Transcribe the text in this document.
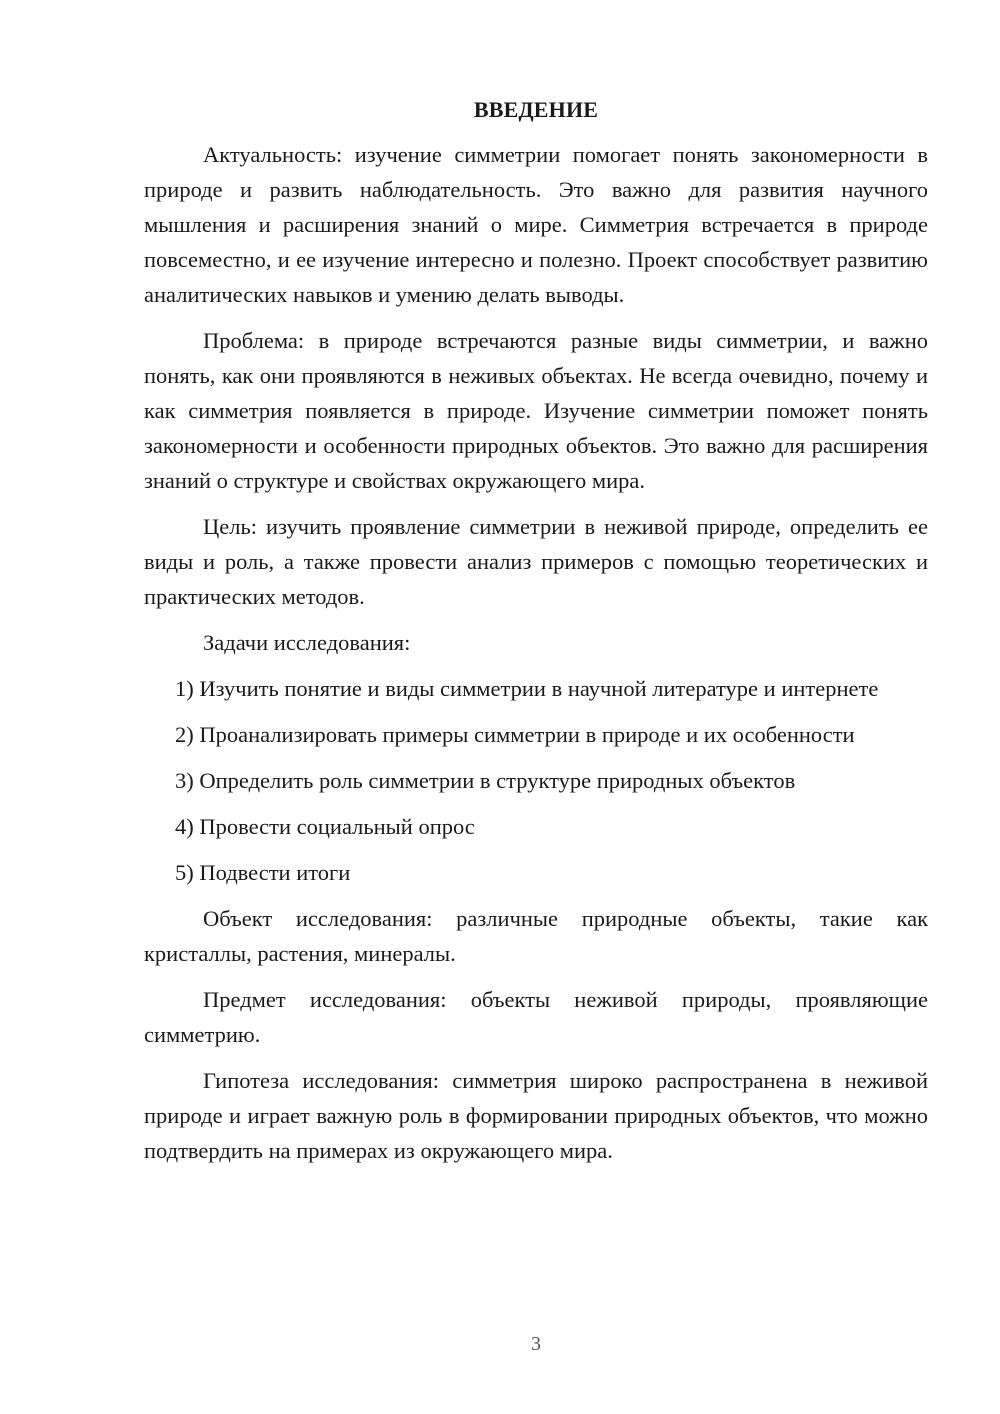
ВВЕДЕНИЕ

Актуальность: изучение симметрии помогает понять закономерности в природе и развить наблюдательность. Это важно для развития научного мышления и расширения знаний о мире. Симметрия встречается в природе повсеместно, и ее изучение интересно и полезно. Проект способствует развитию аналитических навыков и умению делать выводы.

Проблема: в природе встречаются разные виды симметрии, и важно понять, как они проявляются в неживых объектах. Не всегда очевидно, почему и как симметрия появляется в природе. Изучение симметрии поможет понять закономерности и особенности природных объектов. Это важно для расширения знаний о структуре и свойствах окружающего мира.

Цель: изучить проявление симметрии в неживой природе, определить ее виды и роль, а также провести анализ примеров с помощью теоретических и практических методов.

Задачи исследования:

1) Изучить понятие и виды симметрии в научной литературе и интернете

2) Проанализировать примеры симметрии в природе и их особенности

3) Определить роль симметрии в структуре природных объектов

4) Провести социальный опрос

5) Подвести итоги

Объект исследования: различные природные объекты, такие как кристаллы, растения, минералы.

Предмет исследования: объекты неживой природы, проявляющие симметрию.

Гипотеза исследования: симметрия широко распространена в неживой природе и играет важную роль в формировании природных объектов, что можно подтвердить на примерах из окружающего мира.

3
